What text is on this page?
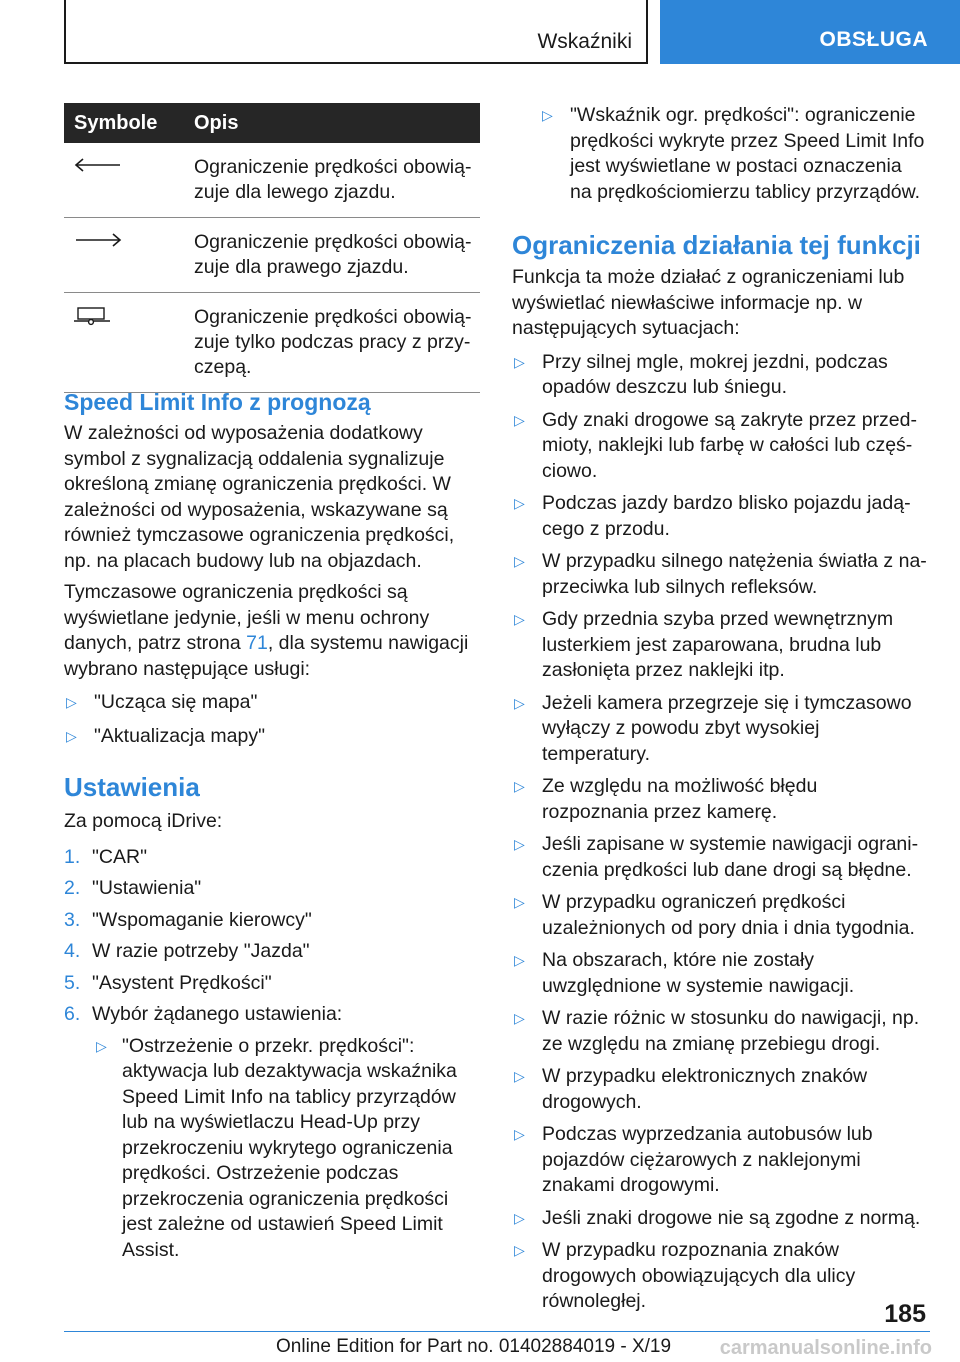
Wskaźniki	OBSŁUGA
Symbole	Opis
	Ograniczenie prędkości obowiązuje dla lewego zjazdu.
	Ograniczenie prędkości obowiązuje dla prawego zjazdu.
	Ograniczenie prędkości obowiązuje tylko podczas pracy z przyczepą.
Speed Limit Info z prognozą

W zależności od wyposażenia dodatkowy symbol z sygnalizacją oddalenia sygnalizuje określoną zmianę ograniczenia prędkości. W zależności od wyposażenia, wskazywane są również tymczasowe ograniczenia prędkości, np. na placach budowy lub na objazdach.

Tymczasowe ograniczenia prędkości są wyświetlane jedynie, jeśli w menu ochrony danych, patrz strona 71, dla systemu nawigacji wybrano następujące usługi:

▷ "Ucząca się mapa"
▷ "Aktualizacja mapy"
Ustawienia

Za pomocą iDrive:

1. "CAR"
2. "Ustawienia"
3. "Wspomaganie kierowcy"
4. W razie potrzeby "Jazda"
5. "Asystent Prędkości"
6. Wybór żądanego ustawienia:
▷ "Ostrzeżenie o przekr. prędkości": aktywacja lub dezaktywacja wskaźnika Speed Limit Info na tablicy przyrządów lub na wyświetlaczu Head-Up przy przekroczeniu wykrytego ograniczenia prędkości. Ostrzeżenie podczas przekroczenia ograniczenia prędkości jest zależne od ustawień Speed Limit Assist.
▷ "Wskaźnik ogr. prędkości": ograniczenie prędkości wykryte przez Speed Limit Info jest wyświetlane w postaci oznaczenia na prędkościomierzu tablicy przyrządów.
Ograniczenia działania tej funkcji

Funkcja ta może działać z ograniczeniami lub wyświetlać niewłaściwe informacje np. w następujących sytuacjach:

▷ Przy silnej mgle, mokrej jezdni, podczas opadów deszczu lub śniegu.
▷ Gdy znaki drogowe są zakryte przez przedmioty, naklejki lub farbę w całości lub częściowo.
▷ Podczas jazdy bardzo blisko pojazdu jadącego z przodu.
▷ W przypadku silnego natężenia światła z naprzeciwka lub silnych refleksów.
▷ Gdy przednia szyba przed wewnętrznym lusterkiem jest zaparowana, brudna lub zasłonięta przez naklejki itp.
▷ Jeżeli kamera przegrzeje się i tymczasowo wyłączy z powodu zbyt wysokiej temperatury.
▷ Ze względu na możliwość błędu rozpoznania przez kamerę.
▷ Jeśli zapisane w systemie nawigacji ograniczenia prędkości lub dane drogi są błędne.
▷ W przypadku ograniczeń prędkości uzależnionych od pory dnia i dnia tygodnia.
▷ Na obszarach, które nie zostały uwzględnione w systemie nawigacji.
▷ W razie różnic w stosunku do nawigacji, np. ze względu na zmianę przebiegu drogi.
▷ W przypadku elektronicznych znaków drogowych.
▷ Podczas wyprzedzania autobusów lub pojazdów ciężarowych z naklejonymi znakami drogowymi.
▷ Jeśli znaki drogowe nie są zgodne z normą.
▷ W przypadku rozpoznania znaków drogowych obowiązujących dla ulicy równoległej.	185
Online Edition for Part no. 01402884019 - X/19 carmanualsonline.info
